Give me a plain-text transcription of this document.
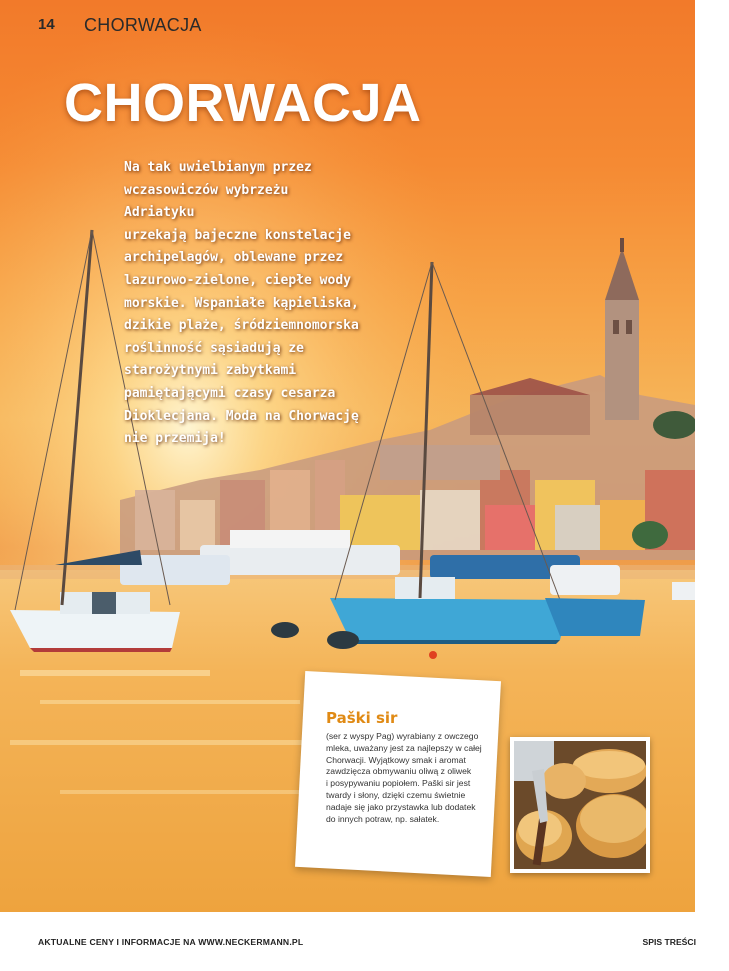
14 CHORWACJA
CHORWACJA
Na tak uwielbianym przez
wczasowiczów wybrzeżu Adriatyku
urzekają bajeczne konstelacje
archipelagów, oblewane przez
lazurowo-zielone, ciepłe wody
morskie. Wspaniałe kąpieliska,
dzikie plaże, śródziemnomorska
roślinność sąsiadują ze
starożytnymi zabytkami
pamiętającymi czasy cesarza
Dioklecjana. Moda na Chorwację
nie przemija!
Paški sir
(ser z wyspy Pag) wyrabiany z owczego
mleka, uważany jest za najlepszy w całej
Chorwacji. Wyjątkowy smak i aromat
zawdzięcza obmywaniu oliwą z oliwek
i posypywaniu popiołem. Paški sir jest
twardy i słony, dzięki czemu świetnie
nadaje się jako przystawka lub dodatek
do innych potraw, np. sałatek.
AKTUALNE CENY I INFORMACJE NA WWW.NECKERMANN.PL	SPIS TREŚCI
